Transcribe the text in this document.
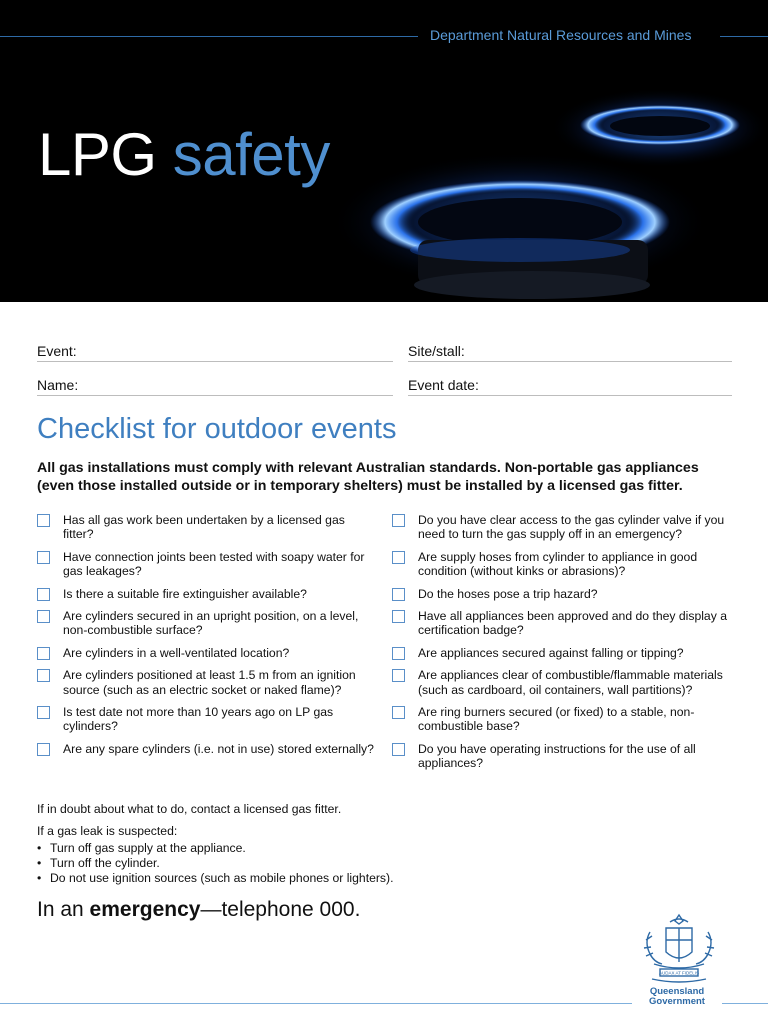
Department Natural Resources and Mines
LPG safety
Event:	Site/stall:
Name:	Event date:
Checklist for outdoor events
All gas installations must comply with relevant Australian standards. Non-portable gas appliances (even those installed outside or in temporary shelters) must be installed by a licensed gas fitter.
Has all gas work been undertaken by a licensed gas fitter?
Have connection joints been tested with soapy water for gas leakages?
Is there a suitable fire extinguisher available?
Are cylinders secured in an upright position, on a level, non-combustible surface?
Are cylinders in a well-ventilated location?
Are cylinders positioned at least 1.5 m from an ignition source (such as an electric socket or naked flame)?
Is test date not more than 10 years ago on LP gas cylinders?
Are any spare cylinders (i.e. not in use) stored externally?
Do you have clear access to the gas cylinder valve if you need to turn the gas supply off in an emergency?
Are supply hoses from cylinder to appliance in good condition (without kinks or abrasions)?
Do the hoses pose a trip hazard?
Have all appliances been approved and do they display a certification badge?
Are appliances secured against falling or tipping?
Are appliances clear of combustible/flammable materials (such as cardboard, oil containers, wall partitions)?
Are ring burners secured (or fixed) to a stable, non-combustible base?
Do you have operating instructions for the use of all appliances?
If in doubt about what to do, contact a licensed gas fitter.
If a gas leak is suspected:
• Turn off gas supply at the appliance.
• Turn off the cylinder.
• Do not use ignition sources (such as mobile phones or lighters).
In an emergency—telephone 000.
AUDAX AT FIDELIS
Queensland
Government
